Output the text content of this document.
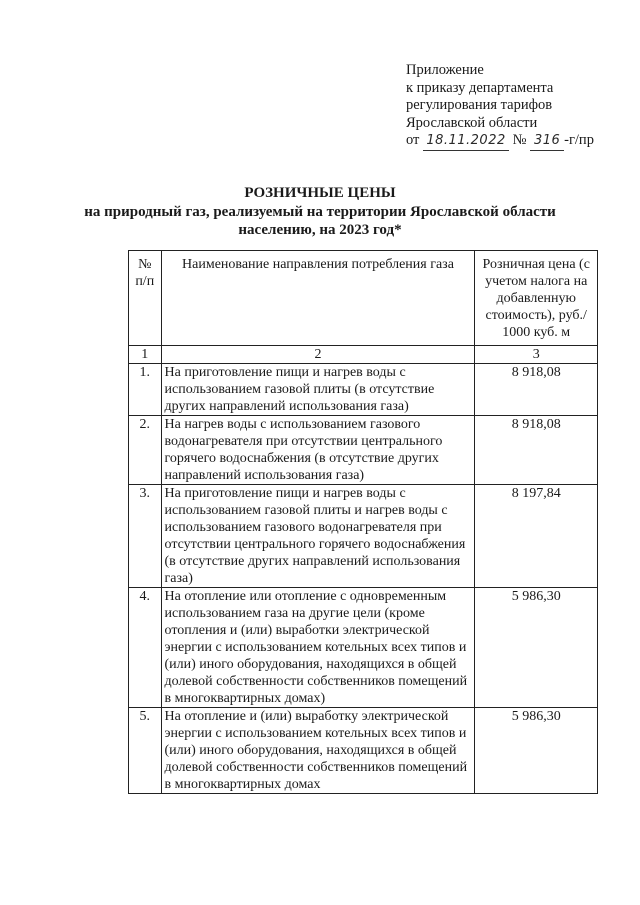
Приложение
к приказу департамента
регулирования тарифов
Ярославской области
от 18.11.2022 № 316 -г/пр
РОЗНИЧНЫЕ ЦЕНЫ
на природный газ, реализуемый на территории Ярославской области
населению, на 2023 год*
№ п/п	Наименование направления потребления газа	Розничная цена (с учетом налога на добавленную стоимость), руб./ 1000 куб. м
1	2	3
1.	На приготовление пищи и нагрев воды с использованием газовой плиты (в отсутствие других направлений использования газа)	8 918,08
2.	На нагрев воды с использованием газового водонагревателя при отсутствии центрального горячего водоснабжения (в отсутствие других направлений использования газа)	8 918,08
3.	На приготовление пищи и нагрев воды с использованием газовой плиты и нагрев воды с использованием газового водонагревателя при отсутствии центрального горячего водоснабжения (в отсутствие других направлений использования газа)	8 197,84
4.	На отопление или отопление с одновременным использованием газа на другие цели (кроме отопления и (или) выработки электрической энергии с использованием котельных всех типов и (или) иного оборудования, находящихся в общей долевой собственности собственников помещений в многоквартирных домах)	5 986,30
5.	На отопление и (или) выработку электрической энергии с использованием котельных всех типов и (или) иного оборудования, находящихся в общей долевой собственности собственников помещений в многоквартирных домах	5 986,30
